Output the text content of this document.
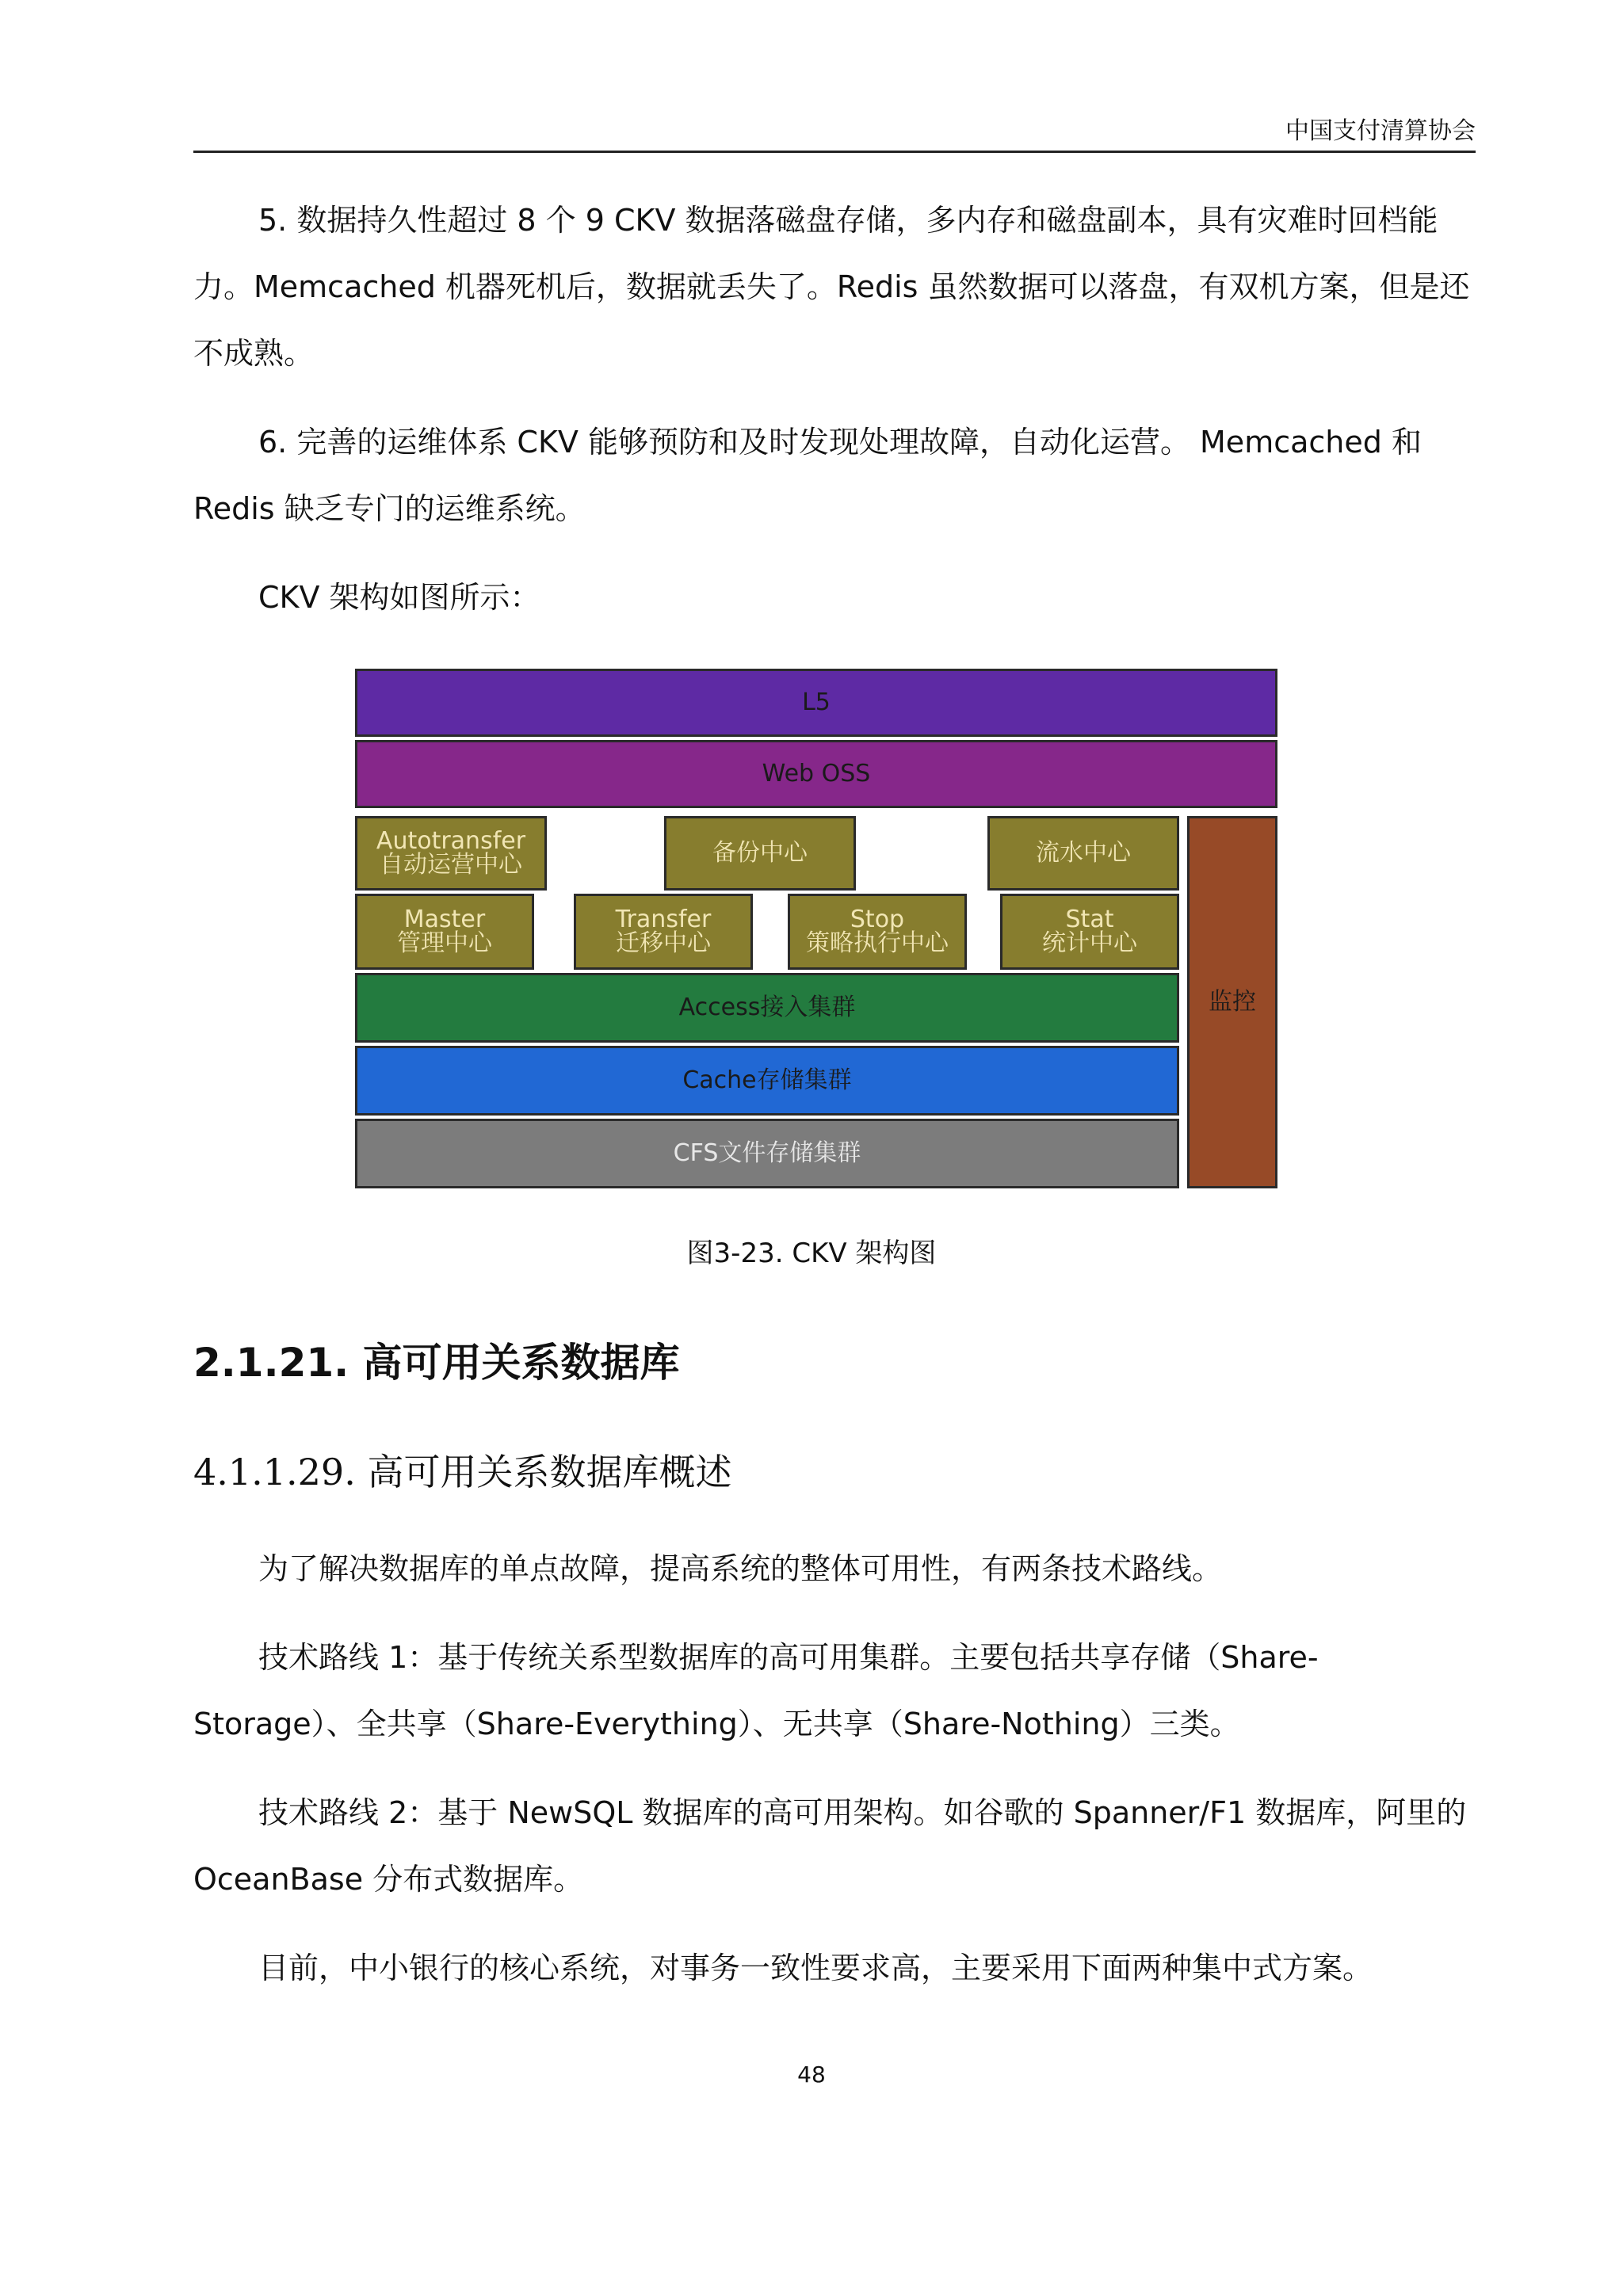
中国支付清算协会

5. 数据持久性超过 8 个 9 CKV 数据落磁盘存储，多内存和磁盘副本，具有灾难时回档能力。Memcached 机器死机后，数据就丢失了。Redis 虽然数据可以落盘，有双机方案，但是还不成熟。

6. 完善的运维体系 CKV 能够预防和及时发现处理故障，自动化运营。 Memcached 和 Redis 缺乏专门的运维系统。

CKV 架构如图所示：

L5
Web OSS
Autotransfer
自动运营中心	备份中心	流水中心
Master
管理中心
Transfer
迁移中心
Stop
策略执行中心
Stat
统计中心
Access接入集群
Cache存储集群
CFS文件存储集群
监控
图3-23. CKV 架构图
2.1.21. 高可用关系数据库
4.1.1.29. 高可用关系数据库概述

为了解决数据库的单点故障，提高系统的整体可用性，有两条技术路线。

技术路线 1：基于传统关系型数据库的高可用集群。主要包括共享存储（Share-Storage）、全共享（Share-Everything）、无共享（Share-Nothing）三类。

技术路线 2：基于 NewSQL 数据库的高可用架构。如谷歌的 Spanner/F1 数据库，阿里的 OceanBase 分布式数据库。

目前，中小银行的核心系统，对事务一致性要求高，主要采用下面两种集中式方案。

48
